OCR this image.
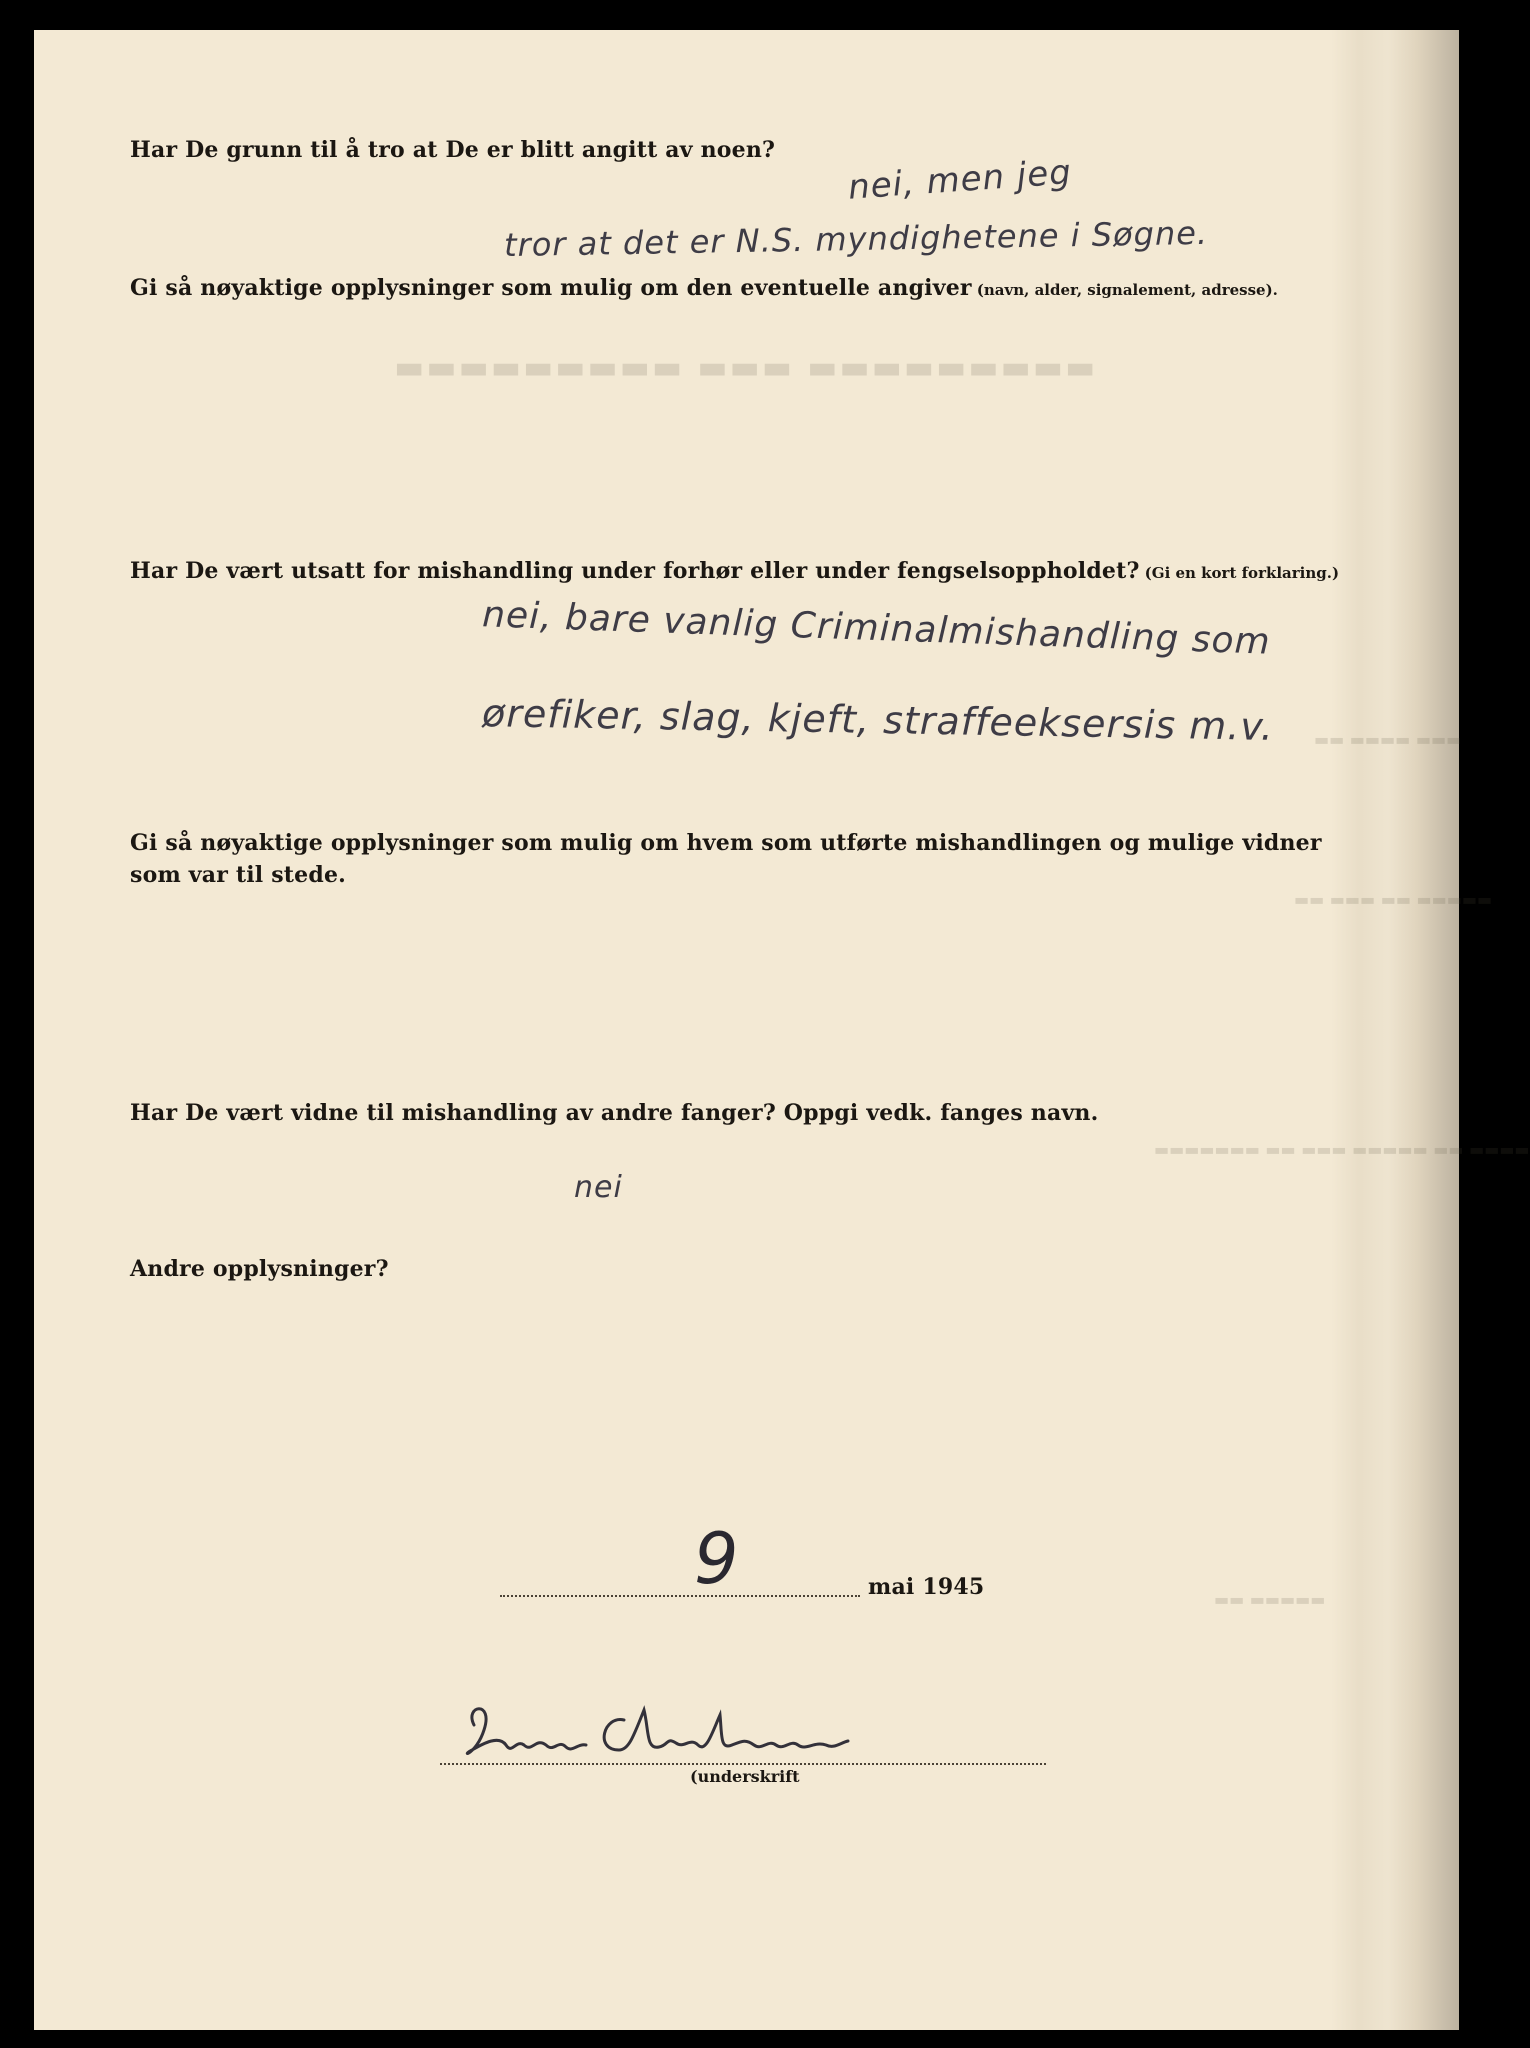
▬▬▬▬▬▬▬▬▬ ▬▬▬ ▬▬▬▬▬▬▬▬▬
▬▬▬ ▬▬▬▬ ▬▬
▬▬ ▬▬▬ ▬▬ ▬▬▬▬▬
▬▬▬▬▬▬▬ ▬▬ ▬▬▬ ▬▬▬▬▬ ▬▬ ▬▬▬▬
▬▬ ▬▬▬▬▬
Har De grunn til å tro at De er blitt angitt av noen?
nei, men jeg
tror at det er N.S. myndighetene i Søgne.
Gi så nøyaktige opplysninger som mulig om den eventuelle angiver (navn, alder, signalement, adresse).
Har De vært utsatt for mishandling under forhør eller under fengselsoppholdet? (Gi en kort forklaring.)
nei, bare vanlig Criminalmishandling som
ørefiker, slag, kjeft, straffeeksersis m.v.
Gi så nøyaktige opplysninger som mulig om hvem som utførte mishandlingen og mulige vidner
som var til stede.
Har De vært vidne til mishandling av andre fanger? Oppgi vedk. fanges navn.
nei
Andre opplysninger?
9	mai 1945
(underskrift
